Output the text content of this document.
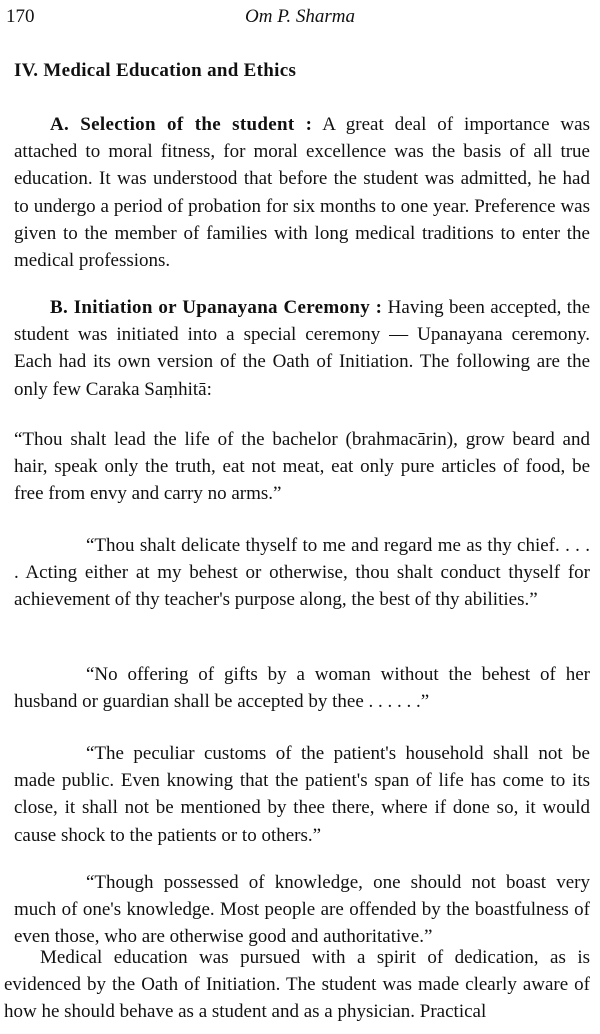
170	Om P. Sharma
IV. Medical Education and Ethics

A. Selection of the student : A great deal of importance was attached to moral fitness, for moral excellence was the basis of all true education. It was understood that before the student was admitted, he had to undergo a period of probation for six months to one year. Preference was given to the member of families with long medical traditions to enter the medical professions.

B. Initiation or Upanayana Ceremony : Having been accepted, the student was initiated into a special ceremony — Upanayana ceremony. Each had its own version of the Oath of Initiation. The following are the only few Caraka Saṃhitā:

“Thou shalt lead the life of the bachelor (brahmacārin), grow beard and hair, speak only the truth, eat not meat, eat only pure articles of food, be free from envy and carry no arms.”

“Thou shalt delicate thyself to me and regard me as thy chief. . . . . Acting either at my behest or otherwise, thou shalt conduct thyself for achievement of thy teacher's purpose along, the best of thy abilities.”

“No offering of gifts by a woman without the behest of her husband or guardian shall be accepted by thee . . . . . .”

“The peculiar customs of the patient's household shall not be made public. Even knowing that the patient's span of life has come to its close, it shall not be mentioned by thee there, where if done so, it would cause shock to the patients or to others.”

“Though possessed of knowledge, one should not boast very much of one's knowledge. Most people are offended by the boastfulness of even those, who are otherwise good and authoritative.”

Medical education was pursued with a spirit of dedication, as is evidenced by the Oath of Initiation. The student was made clearly aware of how he should behave as a student and as a physician. Practical
